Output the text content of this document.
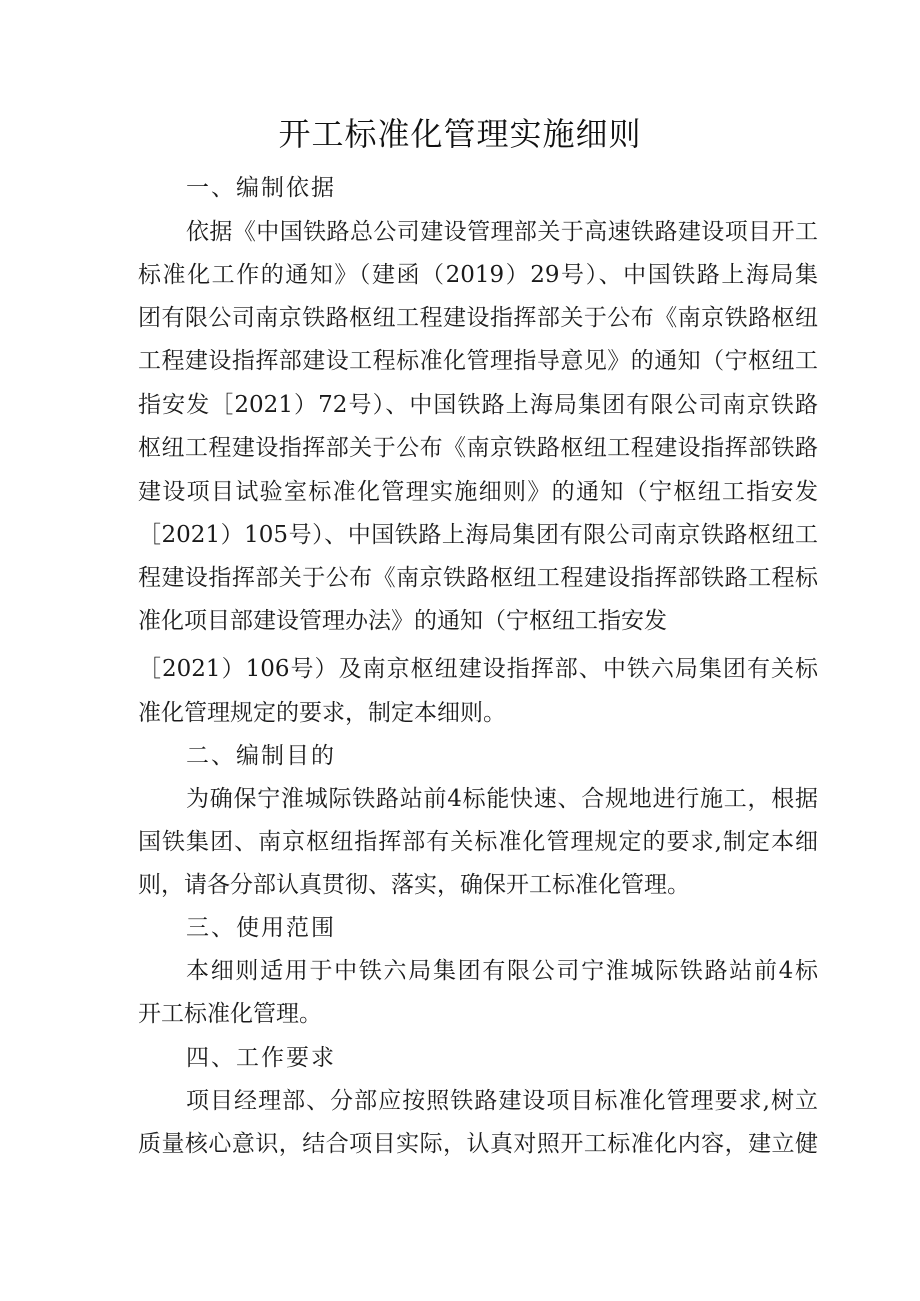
开工标准化管理实施细则
一、编制依据
依据《中国铁路总公司建设管理部关于高速铁路建设项目开工
标准化工作的通知》（建函（2019）29号）、中国铁路上海局集
团有限公司南京铁路枢纽工程建设指挥部关于公布《南京铁路枢纽
工程建设指挥部建设工程标准化管理指导意见》的通知（宁枢纽工
指安发［2021）72号）、中国铁路上海局集团有限公司南京铁路
枢纽工程建设指挥部关于公布《南京铁路枢纽工程建设指挥部铁路
建设项目试验室标准化管理实施细则》的通知（宁枢纽工指安发
［2021）105号）、中国铁路上海局集团有限公司南京铁路枢纽工
程建设指挥部关于公布《南京铁路枢纽工程建设指挥部铁路工程标
准化项目部建设管理办法》的通知（宁枢纽工指安发
［2021）106号）及南京枢纽建设指挥部、中铁六局集团有关标
准化管理规定的要求，制定本细则。
二、编制目的
为确保宁淮城际铁路站前4标能快速、合规地进行施工，根据
国铁集团、南京枢纽指挥部有关标准化管理规定的要求,制定本细
则，请各分部认真贯彻、落实，确保开工标准化管理。
三、使用范围
本细则适用于中铁六局集团有限公司宁淮城际铁路站前4标
开工标准化管理。
四、工作要求
项目经理部、分部应按照铁路建设项目标准化管理要求,树立
质量核心意识，结合项目实际，认真对照开工标准化内容，建立健
